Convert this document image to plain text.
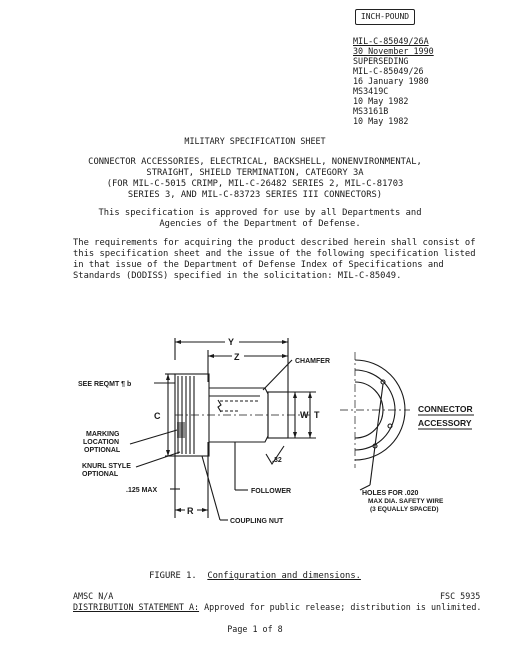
INCH-POUND
MIL-C-85049/26A
30 November 1990
SUPERSEDING
MIL-C-85049/26
16 January 1980
MS3419C
10 May 1982
MS3161B
10 May 1982
MILITARY SPECIFICATION SHEET
CONNECTOR ACCESSORIES, ELECTRICAL, BACKSHELL, NONENVIRONMENTAL,
STRAIGHT, SHIELD TERMINATION, CATEGORY 3A
(FOR MIL-C-5015 CRIMP, MIL-C-26482 SERIES 2, MIL-C-81703
SERIES 3, AND MIL-C-83723 SERIES III CONNECTORS)
This specification is approved for use by all Departments and
Agencies of the Department of Defense.
The requirements for acquiring the product described herein shall consist of
this specification sheet and the issue of the following specification listed
in that issue of the Department of Defense Index of Specifications and
Standards (DODISS) specified in the solicitation: MIL-C-85049.
Y
Z	CHAMFER
W T
C
SEE REQMT ¶ b
MARKING
LOCATION
OPTIONAL
KNURL STYLE
OPTIONAL
.125 MAX
R
.32
FOLLOWER
COUPLING NUT
CONNECTOR
ACCESSORY
HOLES FOR .020
MAX DIA. SAFETY WIRE
(3 EQUALLY SPACED)
FIGURE 1. Configuration and dimensions.
AMSC N/A	FSC 5935
DISTRIBUTION STATEMENT A: Approved for public release; distribution is unlimited.
Page 1 of 8
